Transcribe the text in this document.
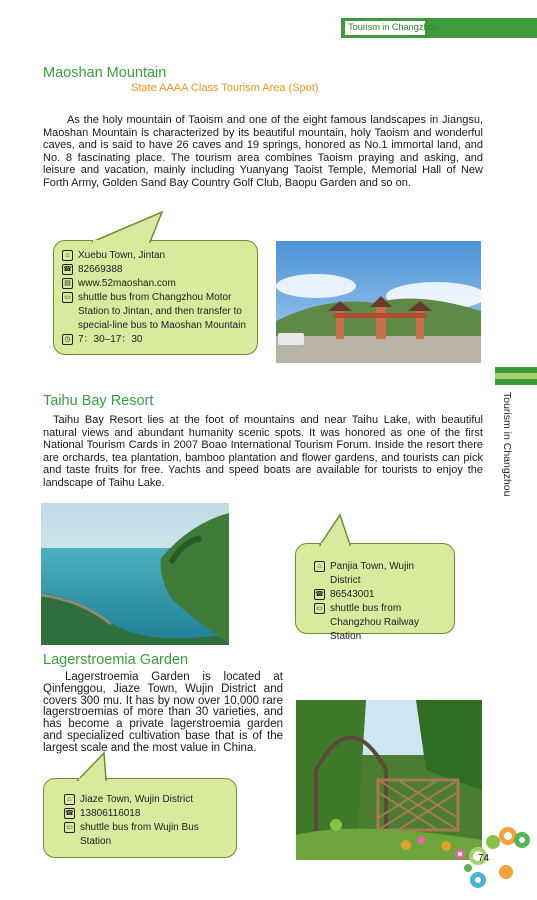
Tourism in Changzhou
Tourism in Changzhou
Maoshan Mountain
State AAAA Class Tourism Area (Spot)
As the holy mountain of Taoism and one of the eight famous landscapes in Jiangsu, Maoshan Mountain is characterized by its beautiful mountain, holy Taoism and wonderful caves, and is said to have 26 caves and 19 springs, honored as No.1 immortal land, and No. 8 fascinating place. The tourism area combines Taoism praying and asking, and leisure and vacation, mainly including Yuanyang Taoist Temple, Memorial Hall of New Forth Army, Golden Sand Bay Country Golf Club, Baopu Garden and so on.
⌂ Xuebu Town, Jintan
☎ 82669388
▤ www.52maoshan.com
▭ shuttle bus from Changzhou Motor Station to Jintan, and then transfer to special-line bus to Maoshan Mountain
◷ 7：30–17：30
Taihu Bay Resort
Taihu Bay Resort lies at the foot of mountains and near Taihu Lake, with beautiful natural views and abundant humanity scenic spots. It was honored as one of the first National Tourism Cards in 2007 Boao International Tourism Forum. Inside the resort there are orchards, tea plantation, bamboo plantation and flower gardens, and tourists can pick and taste fruits for free. Yachts and speed boats are available for tourists to enjoy the landscape of Taihu Lake.
⌂ Panjia Town, Wujin District
☎ 86543001
▭ shuttle bus from Changzhou Railway Station
Lagerstroemia Garden
Lagerstroemia Garden is located at Qinfenggou, Jiaze Town, Wujin District and covers 300 mu. It has by now over 10,000 rare lagerstroemias of more than 30 varieties, and has become a private lagerstroemia garden and specialized cultivation base that is of the largest scale and the most value in China.
⌂ Jiaze Town, Wujin District
☎ 13806116018
▭ shuttle bus from Wujin Bus Station
74
